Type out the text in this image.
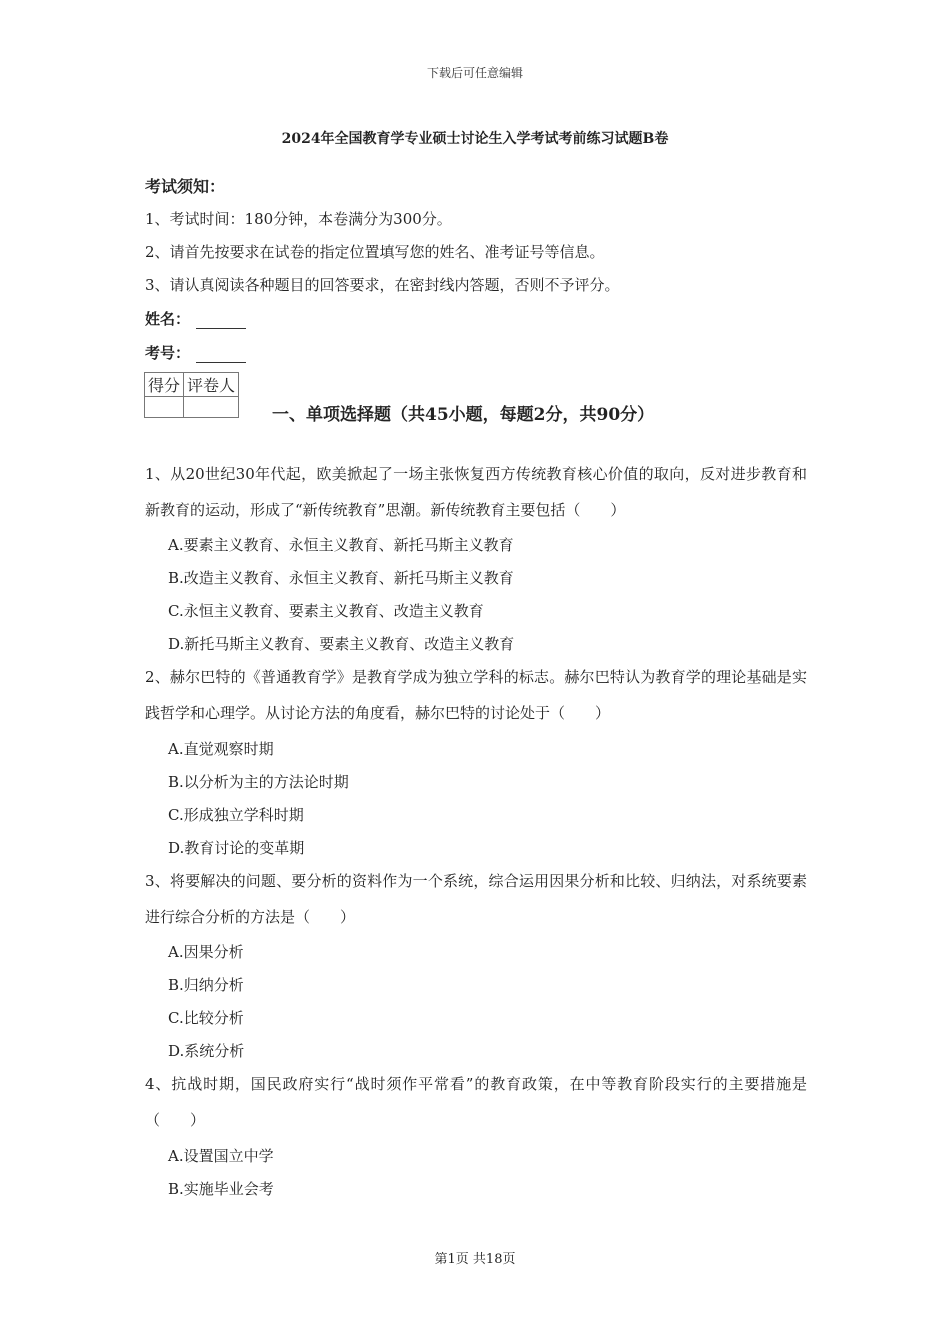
下载后可任意编辑
2024年全国教育学专业硕士讨论生入学考试考前练习试题B卷
考试须知：
1、考试时间：180分钟，本卷满分为300分。
2、请首先按要求在试卷的指定位置填写您的姓名、准考证号等信息。
3、请认真阅读各种题目的回答要求，在密封线内答题，否则不予评分。
姓名：
考号：
得分	评卷人

一、单项选择题（共45小题，每题2分，共90分）
1、从20世纪30年代起，欧美掀起了一场主张恢复西方传统教育核心价值的取向，反对进步教育和新教育的运动，形成了“新传统教育”思潮。新传统教育主要包括（　　）
A.要素主义教育、永恒主义教育、新托马斯主义教育
B.改造主义教育、永恒主义教育、新托马斯主义教育
C.永恒主义教育、要素主义教育、改造主义教育
D.新托马斯主义教育、要素主义教育、改造主义教育
2、赫尔巴特的《普通教育学》是教育学成为独立学科的标志。赫尔巴特认为教育学的理论基础是实践哲学和心理学。从讨论方法的角度看，赫尔巴特的讨论处于（　　）
A.直觉观察时期
B.以分析为主的方法论时期
C.形成独立学科时期
D.教育讨论的变革期
3、将要解决的问题、要分析的资料作为一个系统，综合运用因果分析和比较、归纳法，对系统要素进行综合分析的方法是（　　）
A.因果分析
B.归纳分析
C.比较分析
D.系统分析
4、抗战时期，国民政府实行“战时须作平常看”的教育政策，在中等教育阶段实行的主要措施是（　　）
A.设置国立中学
B.实施毕业会考
第1页 共18页
